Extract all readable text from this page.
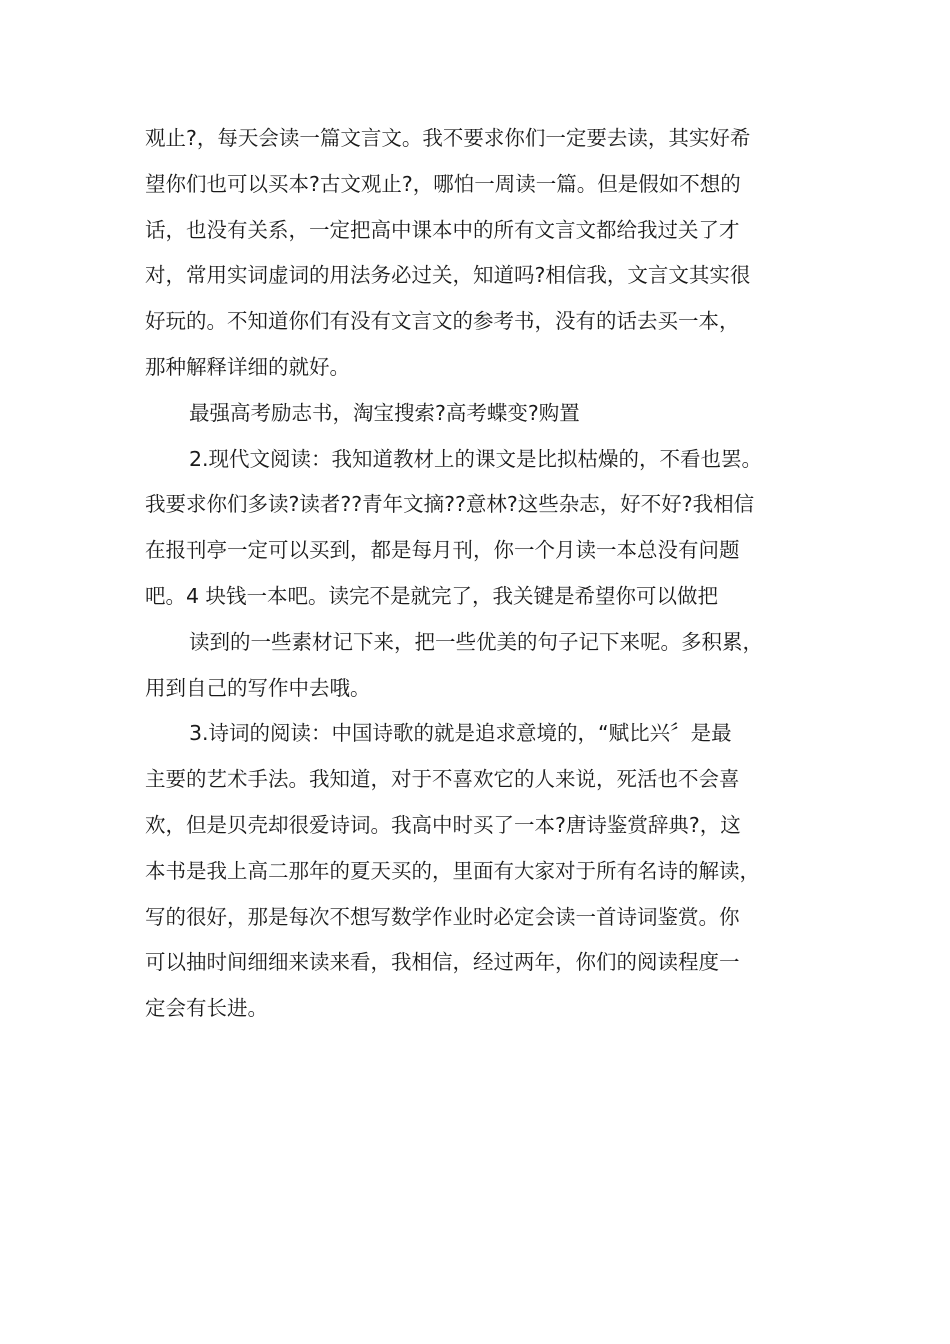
观止?，每天会读一篇文言文。我不要求你们一定要去读，其实好希
望你们也可以买本?古文观止?，哪怕一周读一篇。但是假如不想的
话，也没有关系，一定把高中课本中的所有文言文都给我过关了才
对，常用实词虚词的用法务必过关，知道吗?相信我，文言文其实很
好玩的。不知道你们有没有文言文的参考书，没有的话去买一本，
那种解释详细的就好。
最强高考励志书，淘宝搜索?高考蝶变?购置
2.现代文阅读：我知道教材上的课文是比拟枯燥的，不看也罢。
我要求你们多读?读者??青年文摘??意林?这些杂志，好不好?我相信
在报刊亭一定可以买到，都是每月刊，你一个月读一本总没有问题
吧。4 块钱一本吧。读完不是就完了，我关键是希望你可以做把
读到的一些素材记下来，把一些优美的句子记下来呢。多积累，
用到自己的写作中去哦。
3.诗词的阅读：中国诗歌的就是追求意境的，“赋比兴〞是最
主要的艺术手法。我知道，对于不喜欢它的人来说，死活也不会喜
欢，但是贝壳却很爱诗词。我高中时买了一本?唐诗鉴赏辞典?，这
本书是我上高二那年的夏天买的，里面有大家对于所有名诗的解读，
写的很好，那是每次不想写数学作业时必定会读一首诗词鉴赏。你
可以抽时间细细来读来看，我相信，经过两年，你们的阅读程度一
定会有长进。
